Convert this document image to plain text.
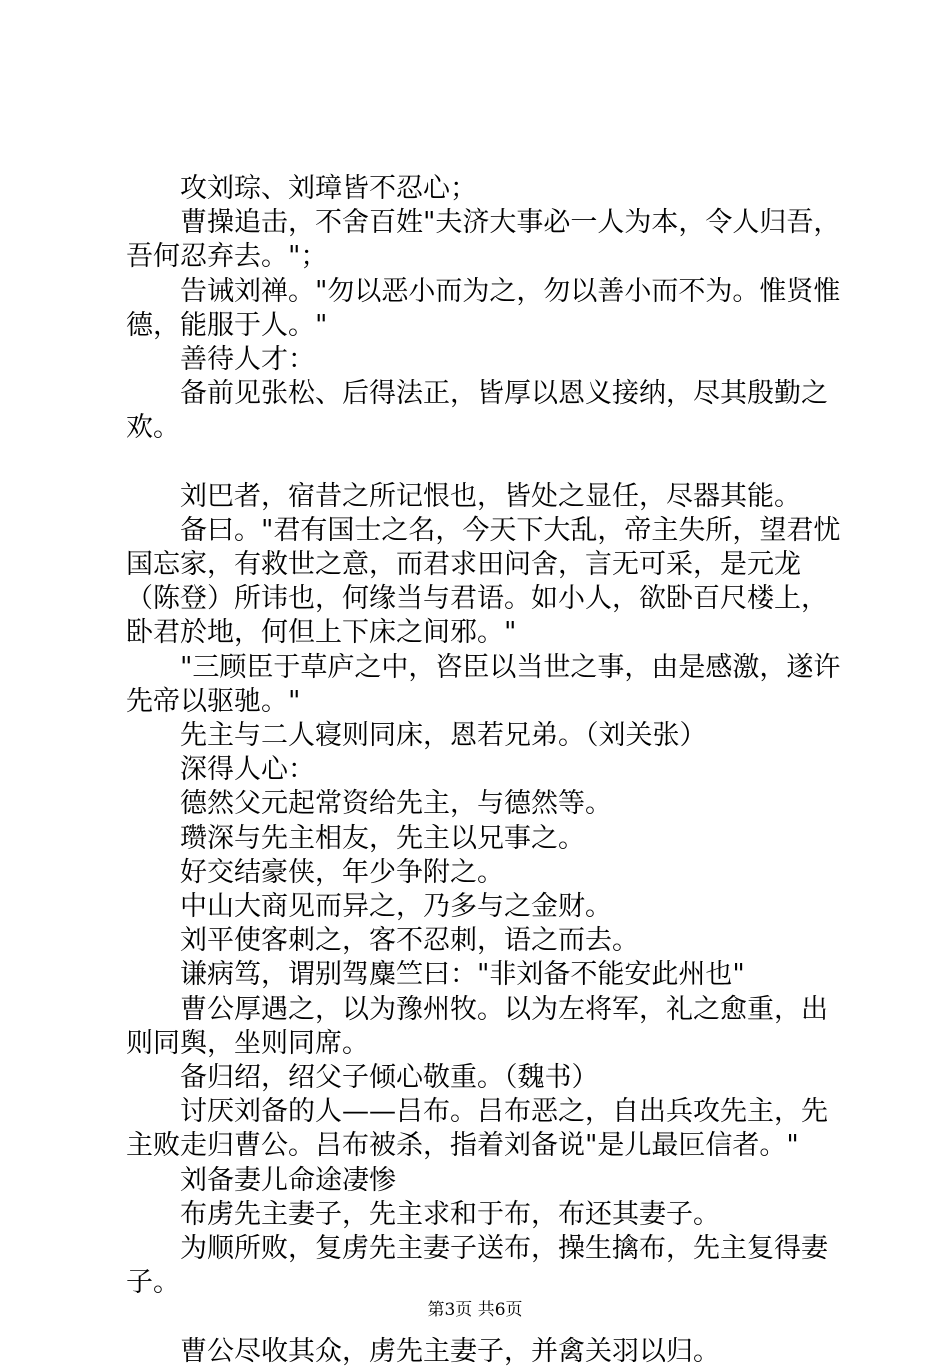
攻刘琮、刘璋皆不忍心；

曹操追击，不舍百姓"夫济大事必一人为本，令人归吾，吾何忍弃去。"；

告诫刘禅。"勿以恶小而为之，勿以善小而不为。惟贤惟德，能服于人。"

善待人才：

备前见张松、后得法正，皆厚以恩义接纳，尽其殷勤之欢。

刘巴者，宿昔之所记恨也，皆处之显任，尽器其能。

备曰。"君有国士之名，今天下大乱，帝主失所，望君忧国忘家，有救世之意，而君求田问舍，言无可采，是元龙（陈登）所讳也，何缘当与君语。如小人，欲卧百尺楼上，卧君於地，何但上下床之间邪。"

"三顾臣于草庐之中，咨臣以当世之事，由是感激，遂许先帝以驱驰。"

先主与二人寝则同床，恩若兄弟。（刘关张）

深得人心：

德然父元起常资给先主，与德然等。

瓒深与先主相友，先主以兄事之。

好交结豪侠，年少争附之。

中山大商见而异之，乃多与之金财。

刘平使客刺之，客不忍刺，语之而去。

谦病笃，谓别驾麋竺曰："非刘备不能安此州也"

曹公厚遇之，以为豫州牧。以为左将军，礼之愈重，出则同舆，坐则同席。

备归绍，绍父子倾心敬重。（魏书）

讨厌刘备的人——吕布。吕布恶之，自出兵攻先主，先主败走归曹公。吕布被杀，指着刘备说"是儿最叵信者。"

刘备妻儿命途凄惨

布虏先主妻子，先主求和于布，布还其妻子。

为顺所败，复虏先主妻子送布，操生擒布，先主复得妻子。

曹公尽收其众，虏先主妻子，并禽关羽以归。

第3页 共6页
